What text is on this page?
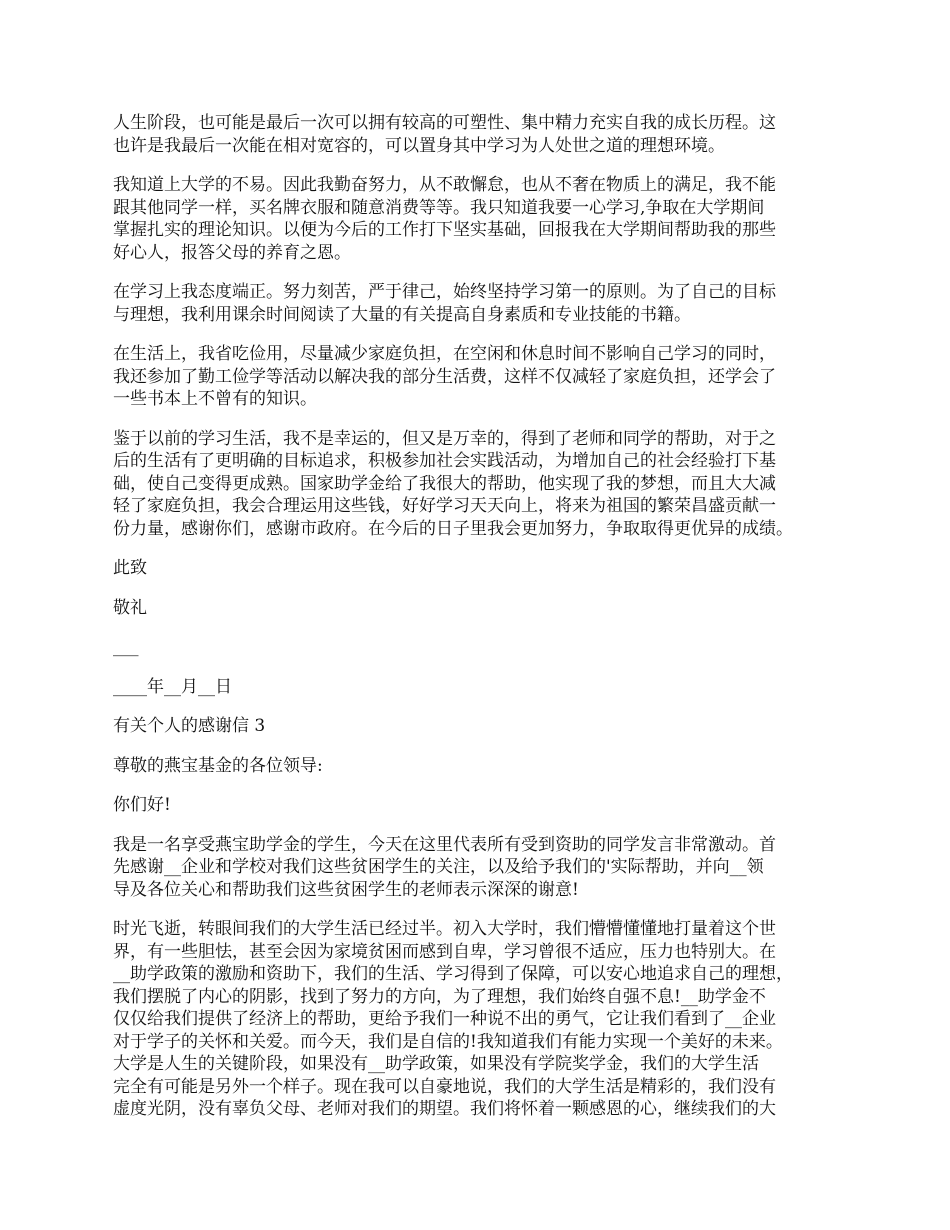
人生阶段，也可能是最后一次可以拥有较高的可塑性、集中精力充实自我的成长历程。这
也许是我最后一次能在相对宽容的，可以置身其中学习为人处世之道的理想环境。
我知道上大学的不易。因此我勤奋努力，从不敢懈怠，也从不奢在物质上的满足，我不能
跟其他同学一样，买名牌衣服和随意消费等等。我只知道我要一心学习,争取在大学期间
掌握扎实的理论知识。以便为今后的工作打下坚实基础，回报我在大学期间帮助我的那些
好心人，报答父母的养育之恩。
在学习上我态度端正。努力刻苦，严于律己，始终坚持学习第一的原则。为了自己的目标
与理想，我利用课余时间阅读了大量的有关提高自身素质和专业技能的书籍。
在生活上，我省吃俭用，尽量减少家庭负担，在空闲和休息时间不影响自己学习的同时，
我还参加了勤工俭学等活动以解决我的部分生活费，这样不仅减轻了家庭负担，还学会了
一些书本上不曾有的知识。
鉴于以前的学习生活，我不是幸运的，但又是万幸的，得到了老师和同学的帮助，对于之
后的生活有了更明确的目标追求，积极参加社会实践活动，为增加自己的社会经验打下基
础，使自己变得更成熟。国家助学金给了我很大的帮助，他实现了我的梦想，而且大大减
轻了家庭负担，我会合理运用这些钱，好好学习天天向上，将来为祖国的繁荣昌盛贡献一
份力量，感谢你们，感谢市政府。在今后的日子里我会更加努力，争取取得更优异的成绩。
此致
敬礼
___
____年__月__日
有关个人的感谢信 3
尊敬的燕宝基金的各位领导:
你们好!
我是一名享受燕宝助学金的学生，今天在这里代表所有受到资助的同学发言非常激动。首
先感谢__企业和学校对我们这些贫困学生的关注，以及给予我们的'实际帮助，并向__领
导及各位关心和帮助我们这些贫困学生的老师表示深深的谢意!
时光飞逝，转眼间我们的大学生活已经过半。初入大学时，我们懵懵懂懂地打量着这个世
界，有一些胆怯，甚至会因为家境贫困而感到自卑，学习曾很不适应，压力也特别大。在
__助学政策的激励和资助下，我们的生活、学习得到了保障，可以安心地追求自己的理想，
我们摆脱了内心的阴影，找到了努力的方向，为了理想，我们始终自强不息!__助学金不
仅仅给我们提供了经济上的帮助，更给予我们一种说不出的勇气，它让我们看到了__企业
对于学子的关怀和关爱。而今天，我们是自信的!我知道我们有能力实现一个美好的未来。
大学是人生的关键阶段，如果没有__助学政策，如果没有学院奖学金，我们的大学生活
完全有可能是另外一个样子。现在我可以自豪地说，我们的大学生活是精彩的，我们没有
虚度光阴，没有辜负父母、老师对我们的期望。我们将怀着一颗感恩的心，继续我们的大
